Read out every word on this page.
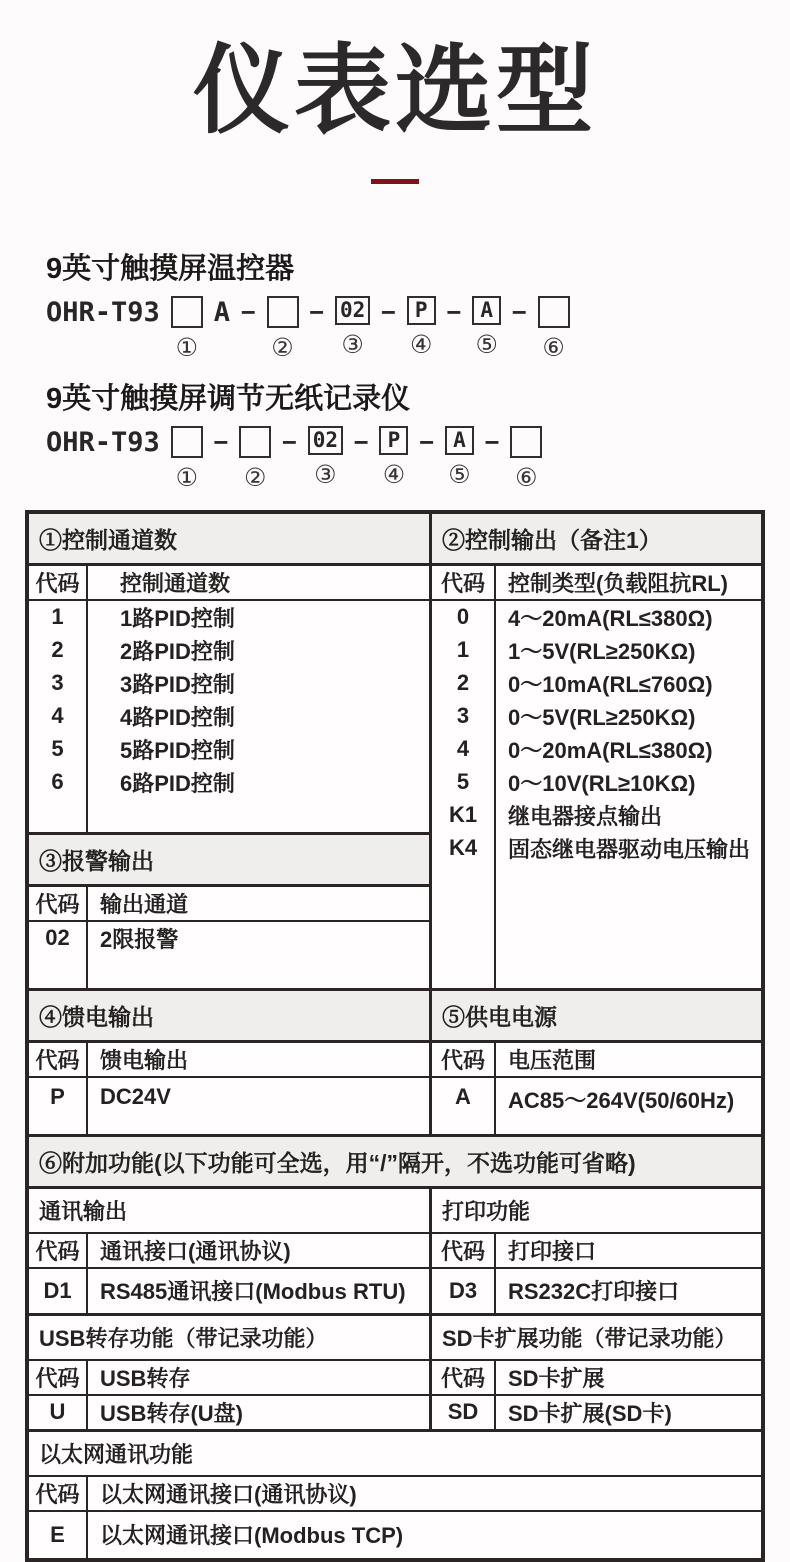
仪表选型
9英寸触摸屏温控器
OHR-T93
①
A −
②
− 02
③
− P
④
− A
⑤
−
⑥
9英寸触摸屏调节无纸记录仪
OHR-T93
①
−
②
− 02
③
− P
④
− A
⑤
−
⑥
①控制通道数
代码	控制通道数
1	1路PID控制
2	2路PID控制
3	3路PID控制
4	4路PID控制
5	5路PID控制
6	6路PID控制
③报警输出
代码 输出通道
02	2限报警
②控制输出（备注1）
代码	控制类型(负载阻抗RL)
0	4～20mA(RL≤380Ω)
1	1～5V(RL≥250KΩ)
2	0～10mA(RL≤760Ω)
3	0～5V(RL≥250KΩ)
4	0～20mA(RL≤380Ω)
5	0～10V(RL≥10KΩ)
K1	继电器接点输出
K4	固态继电器驱动电压输出
④馈电输出
代码 馈电输出
P	DC24V
⑤供电电源
代码	电压范围
A	AC85～264V(50/60Hz)
⑥附加功能(以下功能可全选，用“/”隔开，不选功能可省略)
通讯输出
代码 通讯接口(通讯协议)
D1	RS485通讯接口(Modbus RTU)
打印功能
代码	打印接口
D3	RS232C打印接口
USB转存功能（带记录功能）
代码 USB转存
U	USB转存(U盘)
SD卡扩展功能（带记录功能）
代码	SD卡扩展
SD	SD卡扩展(SD卡)
以太网通讯功能
代码 以太网通讯接口(通讯协议)
E	以太网通讯接口(Modbus TCP)
